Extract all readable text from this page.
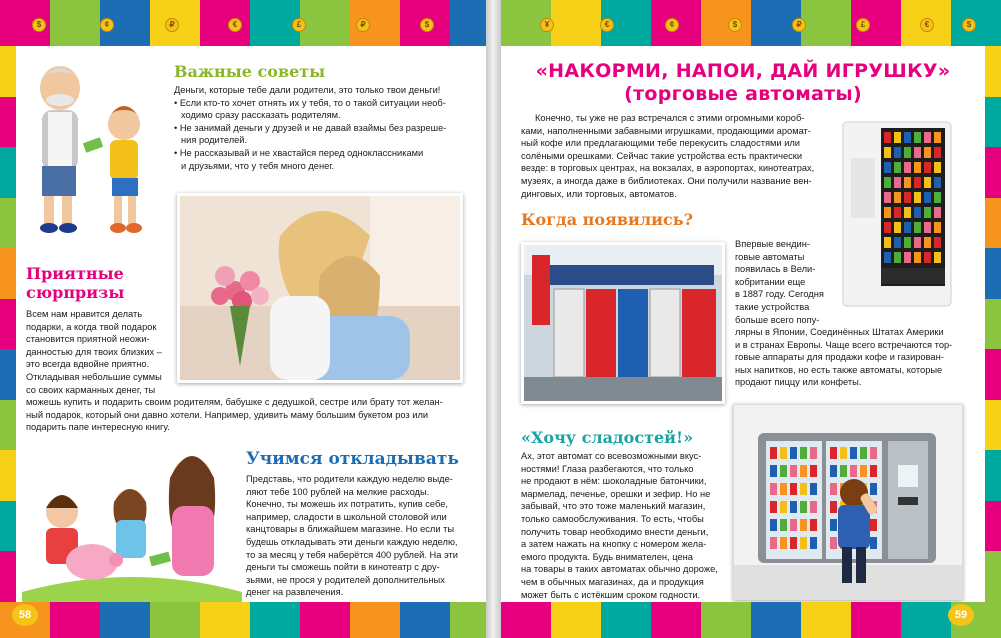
$	¢	₽	€	£	₽	$	¥	€	¢	$	₽	£	€	$
Важные советы
Деньги, которые тебе дали родители, это только твои деньги!
• Если кто-то хочет отнять их у тебя, то о такой ситуации необ-
ходимо сразу рассказать родителям.
• Не занимай деньги у друзей и не давай взаймы без разреше-
ния родителей.
• Не рассказывай и не хвастайся перед одноклассниками
и друзьями, что у тебя много денег.
Приятные
сюрпризы
Всем нам нравится делать
подарки, а когда твой подарок
становится приятной неожи-
данностью для твоих близких –
это всегда вдвойне приятно.
Откладывая небольшие суммы
со своих карманных денег, ты
можешь купить и подарить своим родителям, бабушке с дедушкой, сестре или брату тот желан-
ный подарок, который они давно хотели. Например, удивить маму большим букетом роз или
подарить папе интересную книгу.
Учимся откладывать
Представь, что родители каждую неделю выде-
ляют тебе 100 рублей на мелкие расходы.
Конечно, ты можешь их потратить, купив себе,
например, сладости в школьной столовой или
канцтовары в ближайшем магазине. Но если ты
будешь откладывать эти деньги каждую неделю,
то за месяц у тебя наберётся 400 рублей. На эти
деньги ты сможешь пойти в кинотеатр с дру-
зьями, не прося у родителей дополнительных
денег на развлечения.
«НАКОРМИ, НАПОИ, ДАЙ ИГРУШКУ»
(торговые автоматы)
Конечно, ты уже не раз встречался с этими огромными короб-
ками, наполненными забавными игрушками, продающими аромат-
ный кофе или предлагающими тебе перекусить сладостями или
солёными орешками. Сейчас такие устройства есть практически
везде: в торговых центрах, на вокзалах, в аэропортах, кинотеатрах,
музеях, а иногда даже в библиотеках. Они получили название вен-
динговых, или торговых, автоматов.
Когда появились?
Впервые вендин-
говые автоматы
появилась в Вели-
кобритании еще
в 1887 году. Сегодня
такие устройства
больше всего попу-
лярны в Японии, Соединённых Штатах Америки
и в странах Европы. Чаще всего встречаются тор-
говые аппараты для продажи кофе и газирован-
ных напитков, но есть также автоматы, которые
продают пиццу или конфеты.
«Хочу сладостей!»
Ах, этот автомат со всевозможными вкус-
ностями! Глаза разбегаются, что только
не продают в нём: шоколадные батончики,
мармелад, печенье, орешки и зефир. Но не
забывай, что это тоже маленький магазин,
только самообслуживания. То есть, чтобы
получить товар необходимо внести деньги,
а затем нажать на кнопку с номером жела-
емого продукта. Будь внимателен, цена
на товары в таких автоматах обычно дороже,
чем в обычных магазинах, да и продукция
может быть с истёкшим сроком годности.
58	59
